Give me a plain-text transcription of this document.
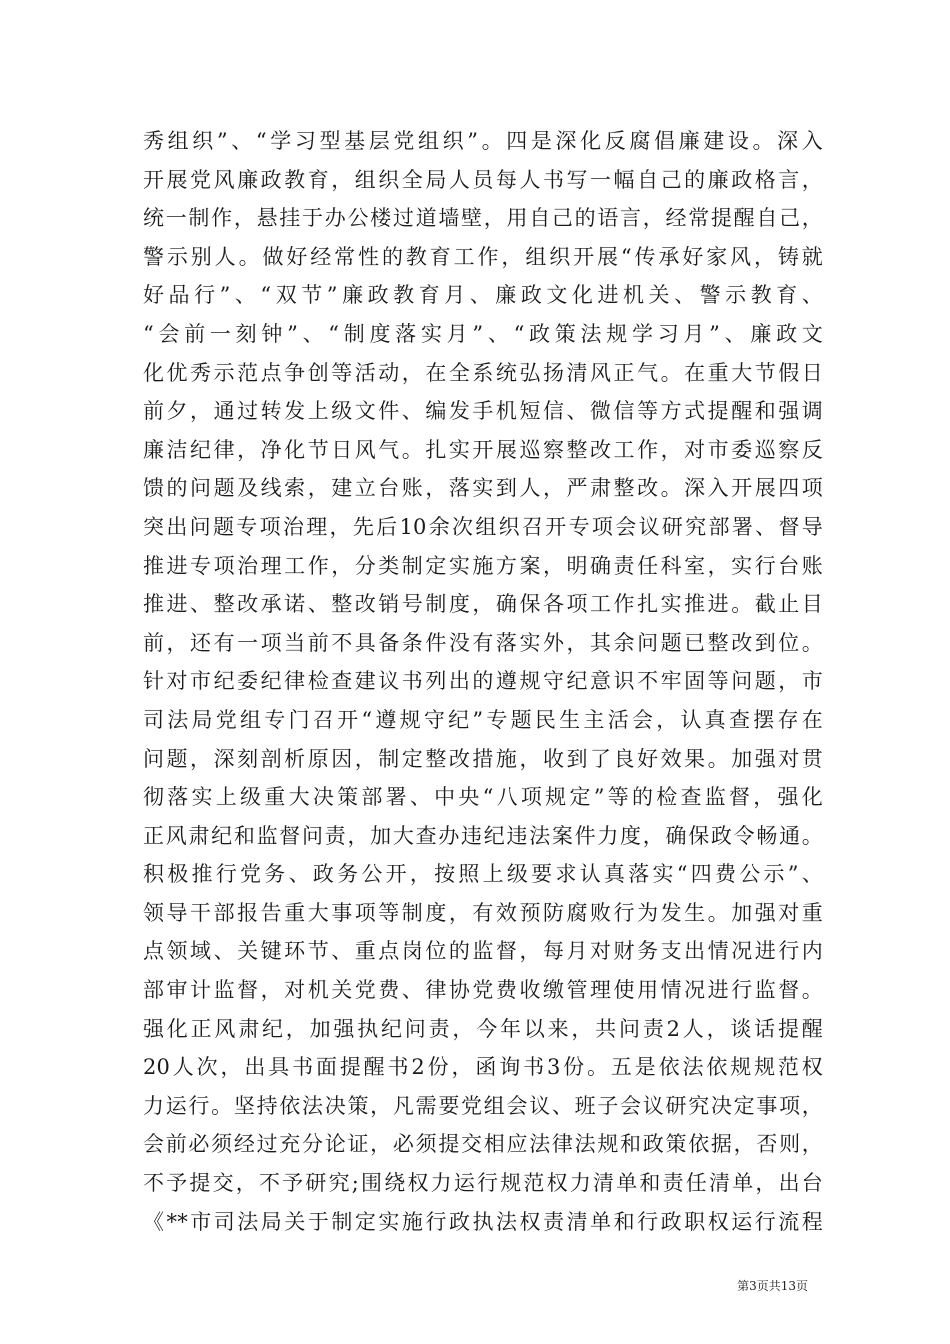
秀组织”、“学习型基层党组织”。四是深化反腐倡廉建设。深入
开展党风廉政教育，组织全局人员每人书写一幅自己的廉政格言，
统一制作，悬挂于办公楼过道墙壁，用自己的语言，经常提醒自己，
警示别人。做好经常性的教育工作，组织开展“传承好家风，铸就
好品行”、“双节”廉政教育月、廉政文化进机关、警示教育、
“会前一刻钟”、“制度落实月”、“政策法规学习月”、廉政文
化优秀示范点争创等活动，在全系统弘扬清风正气。在重大节假日
前夕，通过转发上级文件、编发手机短信、微信等方式提醒和强调
廉洁纪律，净化节日风气。扎实开展巡察整改工作，对市委巡察反
馈的问题及线索，建立台账，落实到人，严肃整改。深入开展四项
突出问题专项治理，先后10余次组织召开专项会议研究部署、督导
推进专项治理工作，分类制定实施方案，明确责任科室，实行台账
推进、整改承诺、整改销号制度，确保各项工作扎实推进。截止目
前，还有一项当前不具备条件没有落实外，其余问题已整改到位。
针对市纪委纪律检查建议书列出的遵规守纪意识不牢固等问题，市
司法局党组专门召开“遵规守纪”专题民生主活会，认真查摆存在
问题，深刻剖析原因，制定整改措施，收到了良好效果。加强对贯
彻落实上级重大决策部署、中央“八项规定”等的检查监督，强化
正风肃纪和监督问责，加大查办违纪违法案件力度，确保政令畅通。
积极推行党务、政务公开，按照上级要求认真落实“四费公示”、
领导干部报告重大事项等制度，有效预防腐败行为发生。加强对重
点领域、关键环节、重点岗位的监督，每月对财务支出情况进行内
部审计监督，对机关党费、律协党费收缴管理使用情况进行监督。
强化正风肃纪，加强执纪问责，今年以来，共问责2人，谈话提醒
20人次，出具书面提醒书2份，函询书3份。五是依法依规规范权
力运行。坚持依法决策，凡需要党组会议、班子会议研究决定事项，
会前必须经过充分论证，必须提交相应法律法规和政策依据，否则，
不予提交，不予研究;围绕权力运行规范权力清单和责任清单，出台
《**市司法局关于制定实施行政执法权责清单和行政职权运行流程
第3页共13页
